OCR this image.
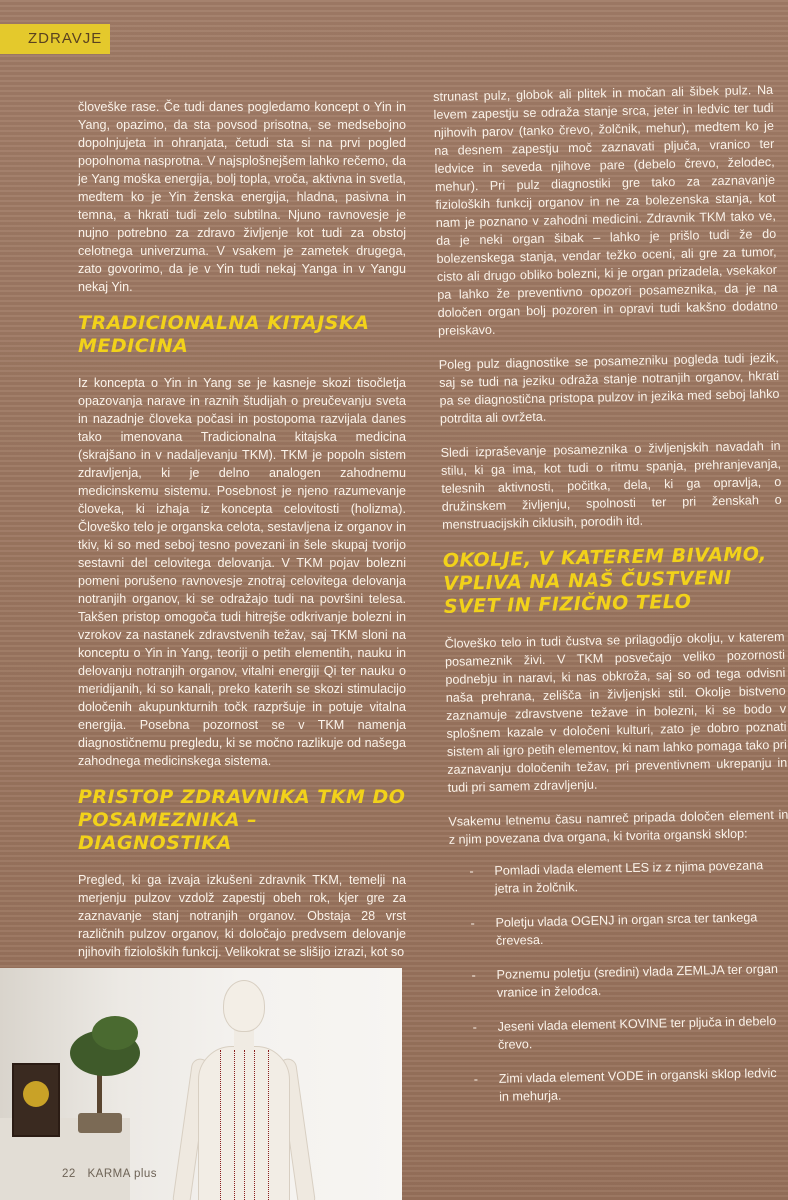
ZDRAVJE

človeške rase. Če tudi danes pogledamo koncept o Yin in Yang, opazimo, da sta povsod prisotna, se medsebojno dopolnjujeta in ohranjata, četudi sta si na prvi pogled popolnoma nasprotna. V najsplošnejšem lahko rečemo, da je Yang moška energija, bolj topla, vroča, aktivna in svetla, medtem ko je Yin ženska energija, hladna, pasivna in temna, a hkrati tudi zelo subtilna. Njuno ravnovesje je nujno potrebno za zdravo življenje kot tudi za obstoj celotnega univerzuma. V vsakem je zametek drugega, zato govorimo, da je v Yin tudi nekaj Yanga in v Yangu nekaj Yin.

TRADICIONALNA KITAJSKA MEDICINA

Iz koncepta o Yin in Yang se je kasneje skozi tisočletja opazovanja narave in raznih študijah o preučevanju sveta in nazadnje človeka počasi in postopoma razvijala danes tako imenovana Tradicionalna kitajska medicina (skrajšano in v nadaljevanju TKM). TKM je popoln sistem zdravljenja, ki je delno analogen zahodnemu medicinskemu sistemu. Posebnost je njeno razumevanje človeka, ki izhaja iz koncepta celovitosti (holizma). Človeško telo je organska celota, sestavljena iz organov in tkiv, ki so med seboj tesno povezani in šele skupaj tvorijo sestavni del celovitega delovanja. V TKM pojav bolezni pomeni porušeno ravnovesje znotraj celovitega delovanja notranjih organov, ki se odražajo tudi na površini telesa. Takšen pristop omogoča tudi hitrejše odkrivanje bolezni in vzrokov za nastanek zdravstvenih težav, saj TKM sloni na konceptu o Yin in Yang, teoriji o petih elementih, nauku in delovanju notranjih organov, vitalni energiji Qi ter nauku o meridijanih, ki so kanali, preko katerih se skozi stimulacijo določenih akupunkturnih točk razpršuje in potuje vitalna energija. Posebna pozornost se v TKM namenja diagnostičnemu pregledu, ki se močno razlikuje od našega zahodnega medicinskega sistema.

PRISTOP ZDRAVNIKA TKM DO POSAMEZNIKA – DIAGNOSTIKA

Pregled, ki ga izvaja izkušeni zdravnik TKM, temelji na merjenju pulzov vzdolž zapestij obeh rok, kjer gre za zaznavanje stanj notranjih organov. Obstaja 28 vrst različnih pulzov organov, ki določajo predvsem delovanje njihovih fizioloških funkcij. Velikokrat se slišijo izrazi, kot so

strunast pulz, globok ali plitek in močan ali šibek pulz. Na levem zapestju se odraža stanje srca, jeter in ledvic ter tudi njihovih parov (tanko črevo, žolčnik, mehur), medtem ko je na desnem zapestju moč zaznavati pljuča, vranico ter ledvice in seveda njihove pare (debelo črevo, želodec, mehur). Pri pulz diagnostiki gre tako za zaznavanje fizioloških funkcij organov in ne za bolezenska stanja, kot nam je poznano v zahodni medicini. Zdravnik TKM tako ve, da je neki organ šibak – lahko je prišlo tudi že do bolezenskega stanja, vendar težko oceni, ali gre za tumor, cisto ali drugo obliko bolezni, ki je organ prizadela, vsekakor pa lahko že preventivno opozori posameznika, da je na določen organ bolj pozoren in opravi tudi kakšno dodatno preiskavo.

Poleg pulz diagnostike se posamezniku pogleda tudi jezik, saj se tudi na jeziku odraža stanje notranjih organov, hkrati pa se diagnostična pristopa pulzov in jezika med seboj lahko potrdita ali ovržeta.

Sledi izpraševanje posameznika o življenjskih navadah in stilu, ki ga ima, kot tudi o ritmu spanja, prehranjevanja, telesnih aktivnosti, počitka, dela, ki ga opravlja, o družinskem življenju, spolnosti ter pri ženskah o menstruacijskih ciklusih, porodih itd.

OKOLJE, V KATEREM BIVAMO, VPLIVA NA NAŠ ČUSTVENI SVET IN FIZIČNO TELO

Človeško telo in tudi čustva se prilagodijo okolju, v katerem posameznik živi. V TKM posvečajo veliko pozornosti podnebju in naravi, ki nas obkroža, saj so od tega odvisni naša prehrana, zelišča in življenjski stil. Okolje bistveno zaznamuje zdravstvene težave in bolezni, ki se bodo v splošnem kazale v določeni kulturi, zato je dobro poznati sistem ali igro petih elementov, ki nam lahko pomaga tako pri zaznavanju določenih težav, pri preventivnem ukrepanju in tudi pri samem zdravljenju.

Vsakemu letnemu času namreč pripada določen element in z njim povezana dva organa, ki tvorita organski sklop:

- Pomladi vlada element LES iz z njima povezana jetra in žolčnik.
- Poletju vlada OGENJ in organ srca ter tankega črevesa.
- Poznemu poletju (sredini) vlada ZEMLJA ter organ vranice in želodca.
- Jeseni vlada element KOVINE ter pljuča in debelo črevo.
- Zimi vlada element VODE in organski sklop ledvic in mehurja.
22 KARMA plus
